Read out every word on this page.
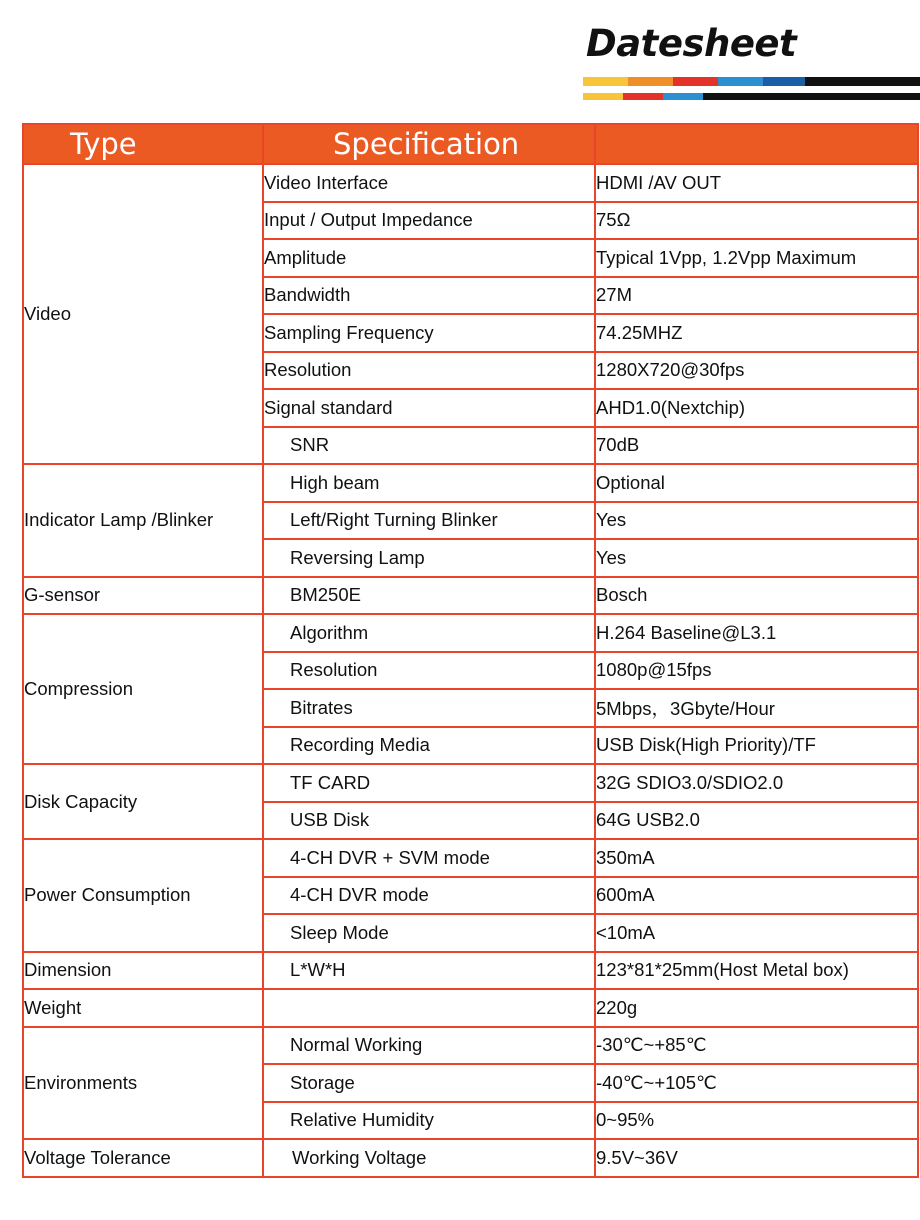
Datesheet
Type	Specification	
Video	Video Interface	HDMI /AV OUT
	Input / Output Impedance	75Ω
	Amplitude	Typical 1Vpp, 1.2Vpp Maximum
	Bandwidth	27M
	Sampling Frequency	74.25MHZ
	Resolution	1280X720@30fps
	Signal standard	AHD1.0(Nextchip)
	SNR	70dB
Indicator Lamp /Blinker	High beam	Optional
	Left/Right Turning Blinker	Yes
	Reversing Lamp	Yes
G-sensor	BM250E	Bosch
Compression	Algorithm	H.264 Baseline@L3.1
	Resolution	1080p@15fps
	Bitrates	5Mbps，3Gbyte/Hour
	Recording Media	USB Disk(High Priority)/TF
Disk Capacity	TF CARD	32G SDIO3.0/SDIO2.0
	USB Disk	64G USB2.0
Power Consumption	4-CH DVR + SVM mode	350mA
	4-CH DVR mode	600mA
	Sleep Mode	<10mA
Dimension	L*W*H	123*81*25mm(Host Metal box)
Weight		220g
Environments	Normal Working	-30℃~+85℃
	Storage	-40℃~+105℃
	Relative Humidity	0~95%
Voltage Tolerance	Working Voltage	9.5V~36V
